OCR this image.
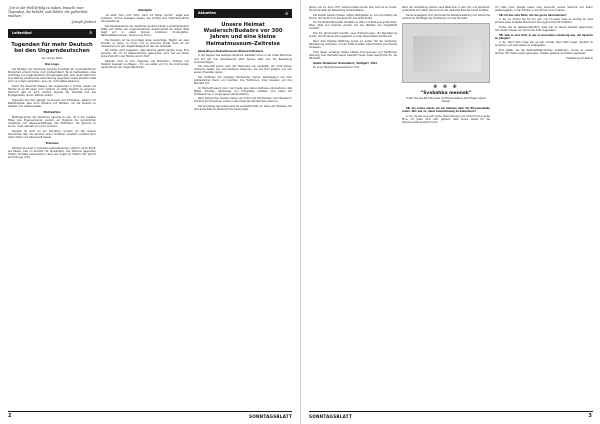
„Um in der Welt Erfolg zu haben, braucht man Tugenden, die beliebt, und Fehler, die gefürchtet machen.“
- Joseph Joubert
Leitartikel	♁
Tugenden für mehr Deutsch bei den Ungarndeutschen
Von Armin Stein
Die Lage

Die Situation der deutschen Sprache innerhalb der ungarndeutschen Minderheit scheint immer noch problematisch. Es ist festzustellen, dass es Erfolge und ungarndeutsche Schulprojekte gibt, aber leider steht dem eine ständig zunehmende Assimilierung gegenüber. Diese Situation lässt sich nur schwer verändern, wenn wir nicht selbst etwas tun.

Durch die dauernde Präsenz des Ungarischen in Schule, Arbeit und Familie ist es oft kaum noch möglich, im Alltag Deutsch zu sprechen. Dennoch gibt es auch positive Signale der Identität und des Engagements, die wir stärken sollten.

Tugenden sind hier gefragt: es braucht eine Motivation, Geduld und Beständigkeit, aber auch Toleranz und Disziplin, um die Sprache zu erhalten und weiterzugeben.

Motivation

Muttersprachler der deutschen Sprache zu sein, ist in den meisten Fällen kein Eigenverdienst, sondern ein Ergebnis der persönlichen Umstände und Lebensverhältnisse. Die Motivation, die Sprache zu lernen, muss deshalb von innen kommen.

Deutsch ist nicht nur ein Schulfach, sondern ein Teil unserer Geschichte. Wer die Sprache seiner Vorfahren versteht, versteht auch deren Kultur und Lebenswelt besser.

Toleranz

Deutsch ist einem in fast allen Lebensbereichen nützlich, ob im Beruf, auf Reisen oder im Kontakt mit Verwandten. Die Toleranz gegenüber Fehlern ist dabei entscheidend, denn wer Angst vor Fehlern hat, spricht am Ende gar nicht.

Disziplin

„Es ekelt mich nicht mehr, wenn ich Fehler mache“, sagte eine Schülerin. Solche Aussagen zeigen, wie wichtig eine fehlerfreundliche Atmosphäre ist.

Das Wiedererlernen der deutschen Sprache hängt in entscheidendem Maße vom Willen der ungarndeutschen Gemeinschaft ab. Dieser Wille zeigt sich in vielen kleinen Initiativen: Kindergärten, Nationalitätenschulen, Vereine und Chöre.

Die Disziplin ist die Grundlage jedes Lernerfolgs. Täglich ein paar Minuten zu lesen, zu hören und zu sprechen bringt mehr als ein Intensivkurs pro Jahr. Regelmäßigkeit ist hier der Schlüssel.

Wir sollten nicht vergessen, dass Sprache gelebt werden muss. Eine Sprache, die nur im Klassenzimmer gesprochen wird, hat auf Dauer keine Zukunft in der Familie und im Dorf.

Deshalb lohnt es sich, Tugenden wie Motivation, Toleranz und Disziplin bewusst zu pflegen – für uns selbst und für die kommenden Generationen der Ungarndeutschen.

Aktuelles	♁
Unsere Heimat Wudersch/Budaörs vor 300 Jahren und eine kleine Heimatmuseum-Zeitreise

Jakob-Bleyer-Heimatmuseum Wudersch/Budaörs

In der Gegend des heutigen Wudersch siedelten schon in der Urzeit Menschen und auf gut drei Jahrtausende alten Spuren lässt sich die Besiedlung zurückverfolgen.

Die Ortschaft wurde nach der Türkenzeit neu besiedelt. Um 1720 kamen deutsche Siedler aus verschiedenen Regionen, die das Dorf prägten und ihm seinen Charakter gaben.

Die Vorfahren der heutigen Wuderscher kamen überwiegend aus dem süddeutschen Raum und brachten ihre Traditionen, ihren Glauben und ihre Mundart mit.

Im Heimatmuseum kann man heute eine kleine Zeitreise unternehmen: alte Möbel, Trachten, Werkzeuge und Fotografien erzählen vom Leben der Dorfbewohner in vergangenen Jahrhunderten.

Nach historischen Quellen kamen um 1720 rund 100 Familien nach Wudersch. Die Zahl der Einwohner wuchs in den folgenden Jahrzehnten rasch an.

Die Grundlage des Lebens war die Landwirtschaft, vor allem der Weinbau, der die Landschaft um Wudersch bis heute prägt.

2	SONNTAGSBLATT

Jahren, am 21. April 1727 unterschrieben wurde. Nun kam es ein Punkt, die Kontinuität der Besiedlung sicherzustellen.

Die Siedler bauten Häuser, legten Weingärten an und errichteten die Kirche, die heute noch das Zentrum des Ortes bildet.

Für die Wirtschaft spielte die Nähe zu Ofen und Pest eine große Rolle: Wein, Obst und Gemüse wurden auf den Märkten der Hauptstadt verkauft.

Das 19. Jahrhundert brachte neue Entwicklungen: die Bevölkerung wuchs, die Schule wurde ausgebaut und das Vereinsleben blühte auf.

Nach dem Zweiten Weltkrieg wurde ein großer Teil der deutschen Bevölkerung vertrieben. Im Jahr 1946 mussten viele Familien ihre Heimat verlassen.

Trotz dieser schweren Zeiten blieben Erinnerungen und Traditionen lebendig. Das Heimatmuseum bewahrt heute diese Geschichte für die Nachwelt.

Quelle: Budaörser Heimatbuch, Stuttgart, 1952

Zu einer Heimatmuseumsbesuch: Foto

Nach der Vertreibung kamen neue Bewohner in den Ort, und Wudersch veränderte sich stark. Dennoch ist das deutsche Erbe bis heute sichtbar.

Heute engagieren sich die Deutsche Selbstverwaltung und zahlreiche Vereine für die Pflege der Traditionen und der Mundart.

✤ ✤ ✤
“Svabahba mennek”
Erster Teil des SB-Interviews mit Ehrenmedel-in-Gold-Träger Agnes Szauer

SB: Als erstes würde ich am liebsten über die Ehrenmedaille reden. Wie war es, diese Auszeichnung zu bekommen?

A. Sz.: Es war eine sehr große Überraschung und natürlich eine große Ehre. Ich habe mich sehr gefreut, dass meine Arbeit für die Gemeinschaft anerkannt wird.

Ich habe mein ganzes Leben lang versucht, unsere Sprache und Kultur weiterzugeben, in der Familie, in der Schule und im Verein.

SB: Ist das eine Rolle, die Sie gerne übernehmen?

A. Sz.: Ja, sicher! Sie tut mir gut, und ich weiß, dass es wichtig ist, dass jemand diese Aufgabe übernimmt. Die Jugend braucht Vorbilder.

Früher war es selbstverständlich, dass man zu Hause Deutsch gesprochen hat. Heute müssen wir die Kinder dafür begeistern.

SB: Gab es eine Zeit, in der es besonders schwierig war, die Sprache zu pflegen?

A. Sz.: Nach dem Krieg war es sehr schwer. Man hatte Angst, Deutsch zu sprechen, und viele haben es aufgegeben.

Erst später, als die Nationalitätenschulen entstanden, wurde es wieder leichter. Wir haben Lieder gesungen, Theater gespielt und Feste organisiert.

(Fortsetzung auf Seite 4)
SONNTAGSBLATT	3
